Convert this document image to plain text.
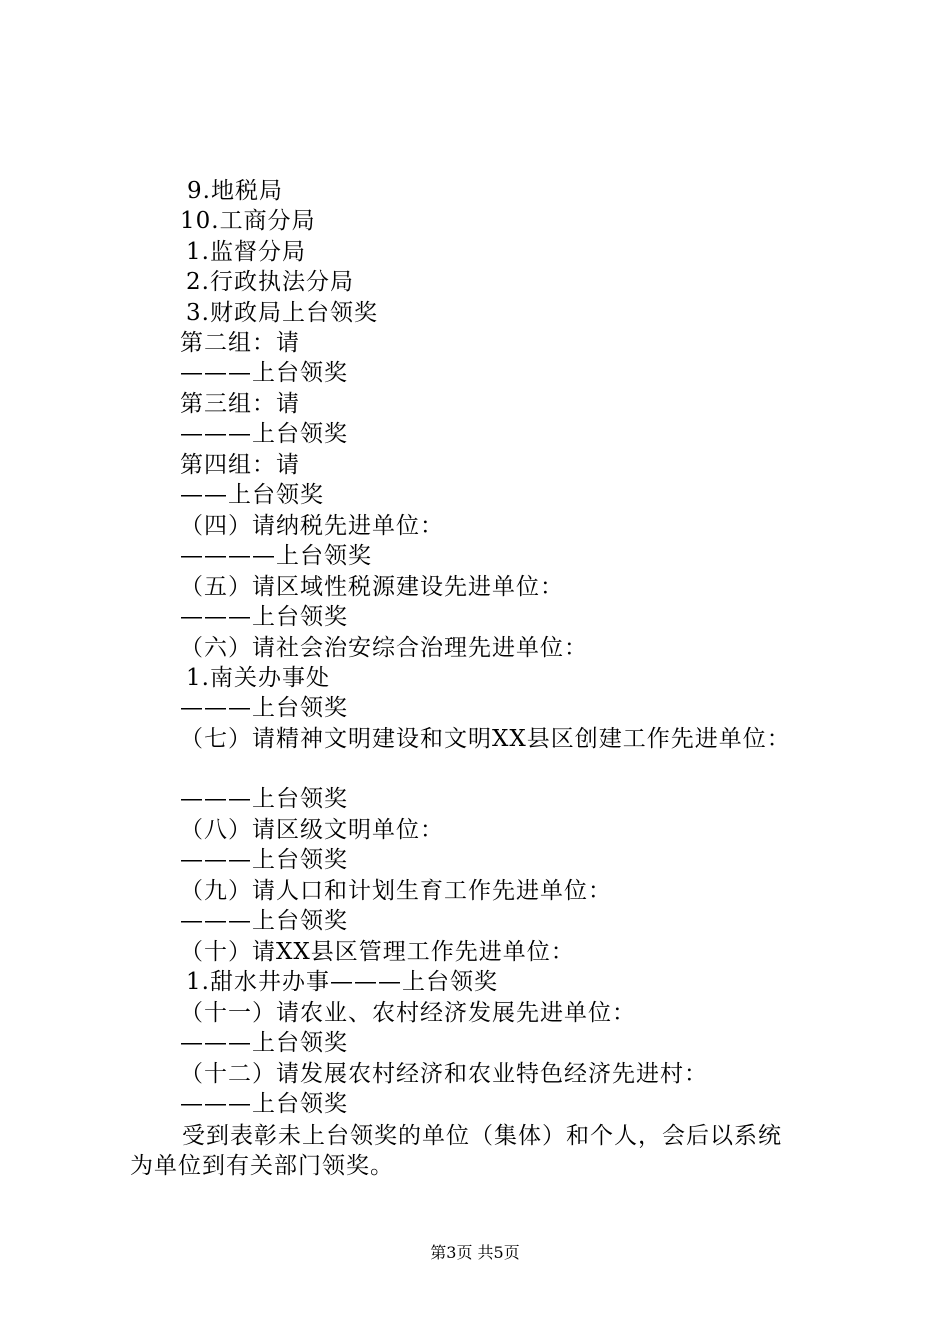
9.地税局
10.工商分局
1.监督分局
2.行政执法分局
3.财政局上台领奖
第二组：请
———上台领奖
第三组：请
———上台领奖
第四组：请
——上台领奖
（四）请纳税先进单位：
————上台领奖
（五）请区域性税源建设先进单位：
———上台领奖
（六）请社会治安综合治理先进单位：
1.南关办事处
———上台领奖
（七）请精神文明建设和文明XX县区创建工作先进单位：
———上台领奖
（八）请区级文明单位：
———上台领奖
（九）请人口和计划生育工作先进单位：
———上台领奖
（十）请XX县区管理工作先进单位：
1.甜水井办事———上台领奖
（十一）请农业、农村经济发展先进单位：
———上台领奖
（十二）请发展农村经济和农业特色经济先进村：
———上台领奖
受到表彰未上台领奖的单位（集体）和个人，会后以系统
为单位到有关部门领奖。
第3页 共5页
